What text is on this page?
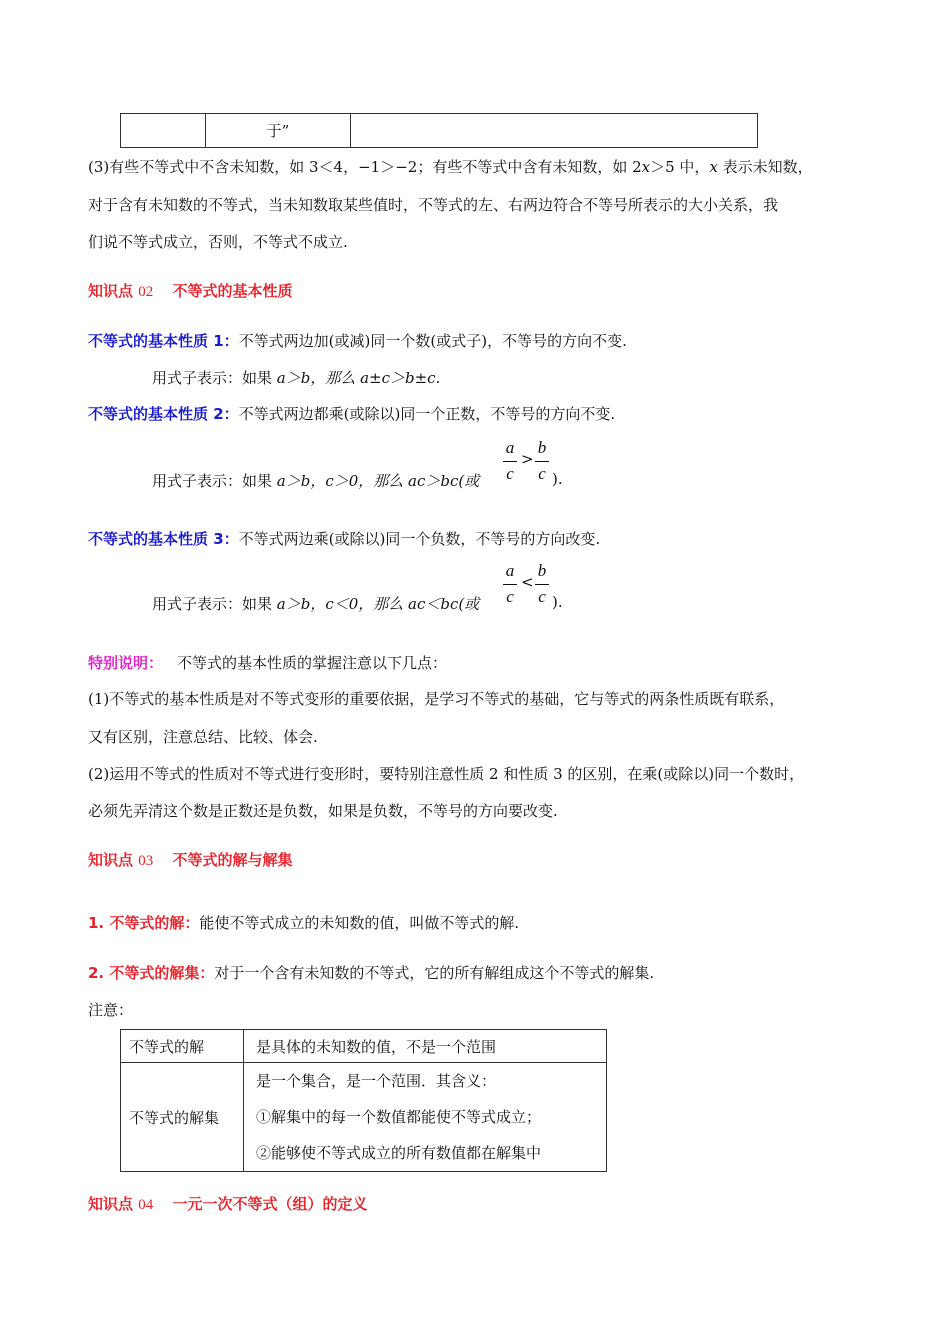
	于”	
(3)有些不等式中不含未知数，如 3＜4，−1＞−2；有些不等式中含有未知数，如 2x＞5 中，x 表示未知数，
对于含有未知数的不等式，当未知数取某些值时，不等式的左、右两边符合不等号所表示的大小关系，我
们说不等式成立，否则，不等式不成立.
知识点 02 不等式的基本性质
不等式的基本性质 1：不等式两边加(或减)同一个数(或式子)，不等号的方向不变.
用式子表示：如果 a＞b，那么 a±c＞b±c.
不等式的基本性质 2：不等式两边都乘(或除以)同一个正数，不等号的方向不变.
用式子表示：如果 a＞b，c＞0，那么 ac＞bc(或
a
c
>
b
c ).
不等式的基本性质 3：不等式两边乘(或除以)同一个负数，不等号的方向改变.
用式子表示：如果 a＞b，c＜0，那么 ac＜bc(或
a
c
<
b
c ).
特别说明： 不等式的基本性质的掌握注意以下几点：
(1)不等式的基本性质是对不等式变形的重要依据，是学习不等式的基础，它与等式的两条性质既有联系，
又有区别，注意总结、比较、体会.
(2)运用不等式的性质对不等式进行变形时，要特别注意性质 2 和性质 3 的区别，在乘(或除以)同一个数时，
必须先弄清这个数是正数还是负数，如果是负数，不等号的方向要改变.
知识点 03 不等式的解与解集
1. 不等式的解：能使不等式成立的未知数的值，叫做不等式的解.
2. 不等式的解集：对于一个含有未知数的不等式，它的所有解组成这个不等式的解集.
注意：
不等式的解	是具体的未知数的值，不是一个范围
不等式的解集	是一个集合，是一个范围．其含义：
①解集中的每一个数值都能使不等式成立；
②能够使不等式成立的所有数值都在解集中
知识点 04 一元一次不等式（组）的定义
